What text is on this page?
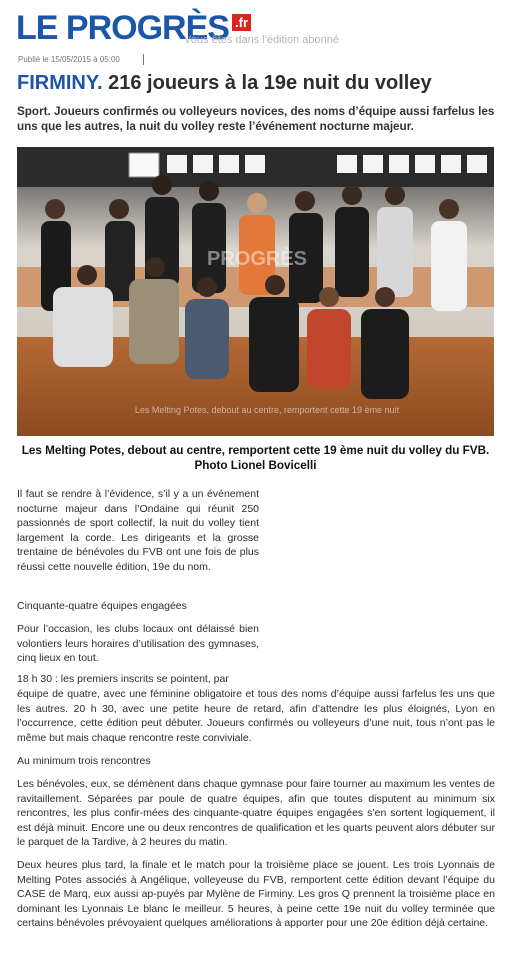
LE PROGRÈS .fr
Vous êtes dans l'édition abonné
Publié le 15/05/2015 à 05:00
FIRMINY. 216 joueurs à la 19e nuit du volley
Sport. Joueurs confirmés ou volleyeurs novices, des noms d’équipe aussi farfelus les uns que les autres, la nuit du volley reste l’événement nocturne majeur.
PROGRÈS
Les Melting Potes, debout au centre, remportent cette 19 ème nuit
Les Melting Potes, debout au centre, remportent cette 19 ème nuit du volley du FVB.
Photo Lionel Bovicelli
Il faut se rendre à l’évidence, s’il y a un événement nocturne majeur dans l’Ondaine qui réunit 250 passionnés de sport collectif, la nuit du volley tient largement la corde. Les dirigeants et la grosse trentaine de bénévoles du FVB ont une fois de plus réussi cette nouvelle édition, 19e du nom.
Cinquante-quatre équipes engagées
Pour l’occasion, les clubs locaux ont délaissé bien volontiers leurs horaires d’utilisation des gymnases, cinq lieux en tout.
18 h 30 : les premiers inscrits se pointent, par
équipe de quatre, avec une féminine obligatoire et tous des noms d’équipe aussi farfelus les uns que les autres. 20 h 30, avec une petite heure de retard, afin d’attendre les plus éloignés, Lyon en l’occurrence, cette édition peut débuter. Joueurs confirmés ou volleyeurs d’une nuit, tous n’ont pas le même but mais chaque rencontre reste conviviale.
Au minimum trois rencontres
Les bénévoles, eux, se démènent dans chaque gymnase pour faire tourner au maximum les ventes de ravitaillement. Séparées par poule de quatre équipes, afin que toutes disputent au minimum six rencontres, les plus confir-mées des cinquante-quatre équipes engagées s’en sortent logiquement, il est déjà minuit. Encore une ou deux rencontres de qualification et les quarts peuvent alors débuter sur le parquet de la Tardive, à 2 heures du matin.
Deux heures plus tard, la finale et le match pour la troisième place se jouent. Les trois Lyonnais de Melting Potes associés à Angélique, volleyeuse du FVB, remportent cette édition devant l’équipe du CASE de Marq, eux aussi ap-puyés par Mylène de Firminy. Les gros Q prennent la troisième place en dominant les Lyonnais Le blanc le meilleur. 5 heures, à peine cette 19e nuit du volley terminée que certains bénévoles prévoyaient quelques améliorations à apporter pour une 20e édition déjà certaine.
